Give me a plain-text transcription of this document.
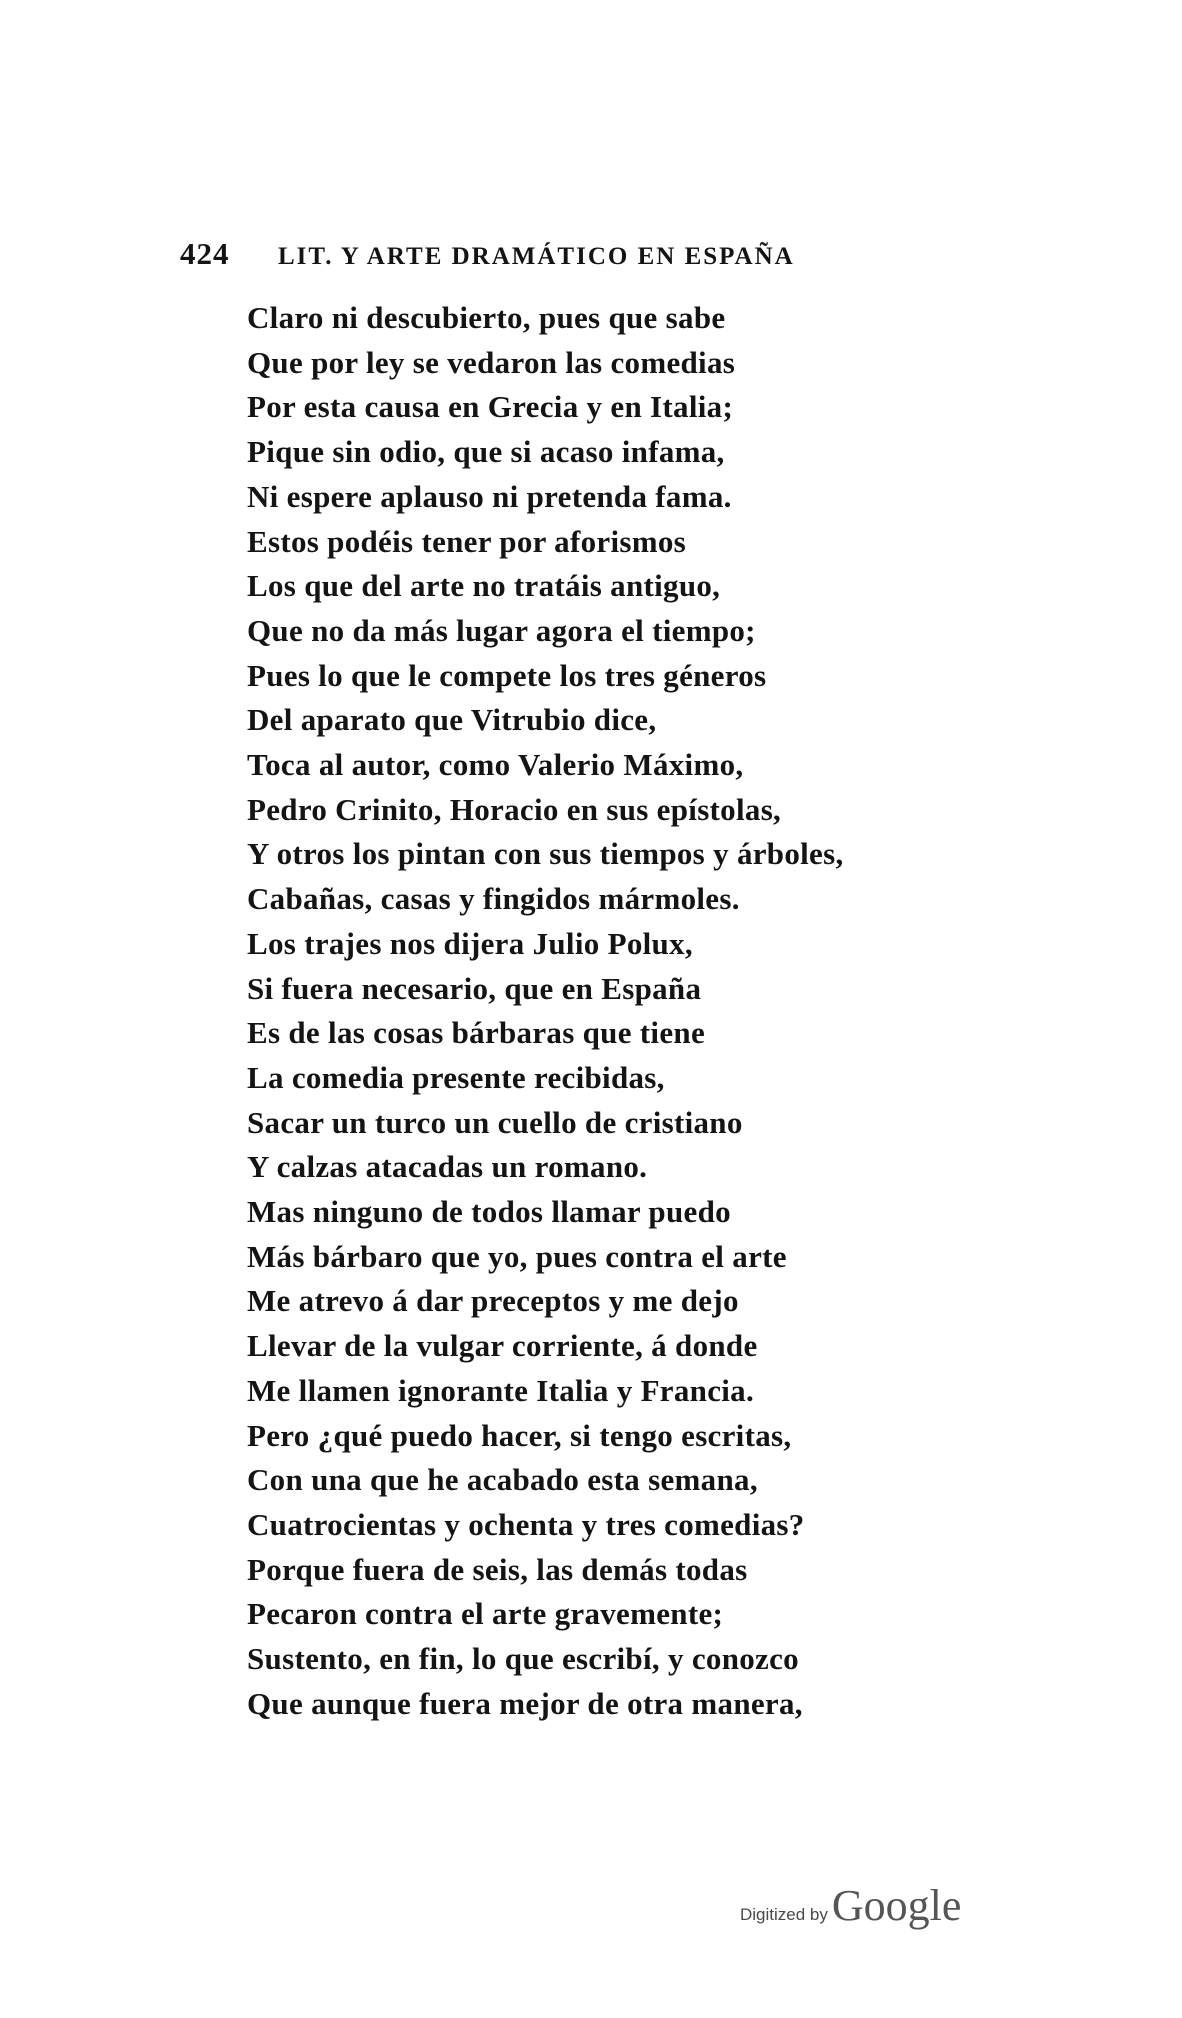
424	LIT. Y ARTE DRAMÁTICO EN ESPAÑA
Claro ni descubierto, pues que sabe
Que por ley se vedaron las comedias
Por esta causa en Grecia y en Italia;
Pique sin odio, que si acaso infama,
Ni espere aplauso ni pretenda fama.
Estos podéis tener por aforismos
Los que del arte no tratáis antiguo,
Que no da más lugar agora el tiempo;
Pues lo que le compete los tres géneros
Del aparato que Vitrubio dice,
Toca al autor, como Valerio Máximo,
Pedro Crinito, Horacio en sus epístolas,
Y otros los pintan con sus tiempos y árboles,
Cabañas, casas y fingidos mármoles.
Los trajes nos dijera Julio Polux,
Si fuera necesario, que en España
Es de las cosas bárbaras que tiene
La comedia presente recibidas,
Sacar un turco un cuello de cristiano
Y calzas atacadas un romano.
Mas ninguno de todos llamar puedo
Más bárbaro que yo, pues contra el arte
Me atrevo á dar preceptos y me dejo
Llevar de la vulgar corriente, á donde
Me llamen ignorante Italia y Francia.
Pero ¿qué puedo hacer, si tengo escritas,
Con una que he acabado esta semana,
Cuatrocientas y ochenta y tres comedias?
Porque fuera de seis, las demás todas
Pecaron contra el arte gravemente;
Sustento, en fin, lo que escribí, y conozco
Que aunque fuera mejor de otra manera,
Digitized by Google
